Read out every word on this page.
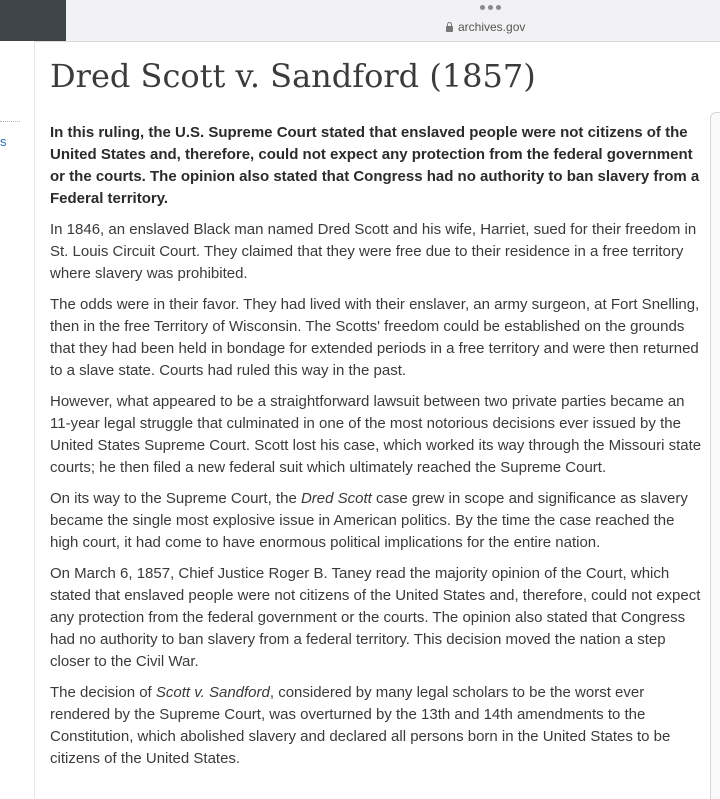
archives.gov
s
Dred Scott v. Sandford (1857)

In this ruling, the U.S. Supreme Court stated that enslaved people were not citizens of the United States and, therefore, could not expect any protection from the federal government or the courts. The opinion also stated that Congress had no authority to ban slavery from a Federal territory.

In 1846, an enslaved Black man named Dred Scott and his wife, Harriet, sued for their freedom in St. Louis Circuit Court. They claimed that they were free due to their residence in a free territory where slavery was prohibited.

The odds were in their favor. They had lived with their enslaver, an army surgeon, at Fort Snelling, then in the free Territory of Wisconsin. The Scotts' freedom could be established on the grounds that they had been held in bondage for extended periods in a free territory and were then returned to a slave state. Courts had ruled this way in the past.

However, what appeared to be a straightforward lawsuit between two private parties became an 11-year legal struggle that culminated in one of the most notorious decisions ever issued by the United States Supreme Court. Scott lost his case, which worked its way through the Missouri state courts; he then filed a new federal suit which ultimately reached the Supreme Court.

On its way to the Supreme Court, the Dred Scott case grew in scope and significance as slavery became the single most explosive issue in American politics. By the time the case reached the high court, it had come to have enormous political implications for the entire nation.

On March 6, 1857, Chief Justice Roger B. Taney read the majority opinion of the Court, which stated that enslaved people were not citizens of the United States and, therefore, could not expect any protection from the federal government or the courts. The opinion also stated that Congress had no authority to ban slavery from a federal territory. This decision moved the nation a step closer to the Civil War.

The decision of Scott v. Sandford, considered by many legal scholars to be the worst ever rendered by the Supreme Court, was overturned by the 13th and 14th amendments to the Constitution, which abolished slavery and declared all persons born in the United States to be citizens of the United States.
